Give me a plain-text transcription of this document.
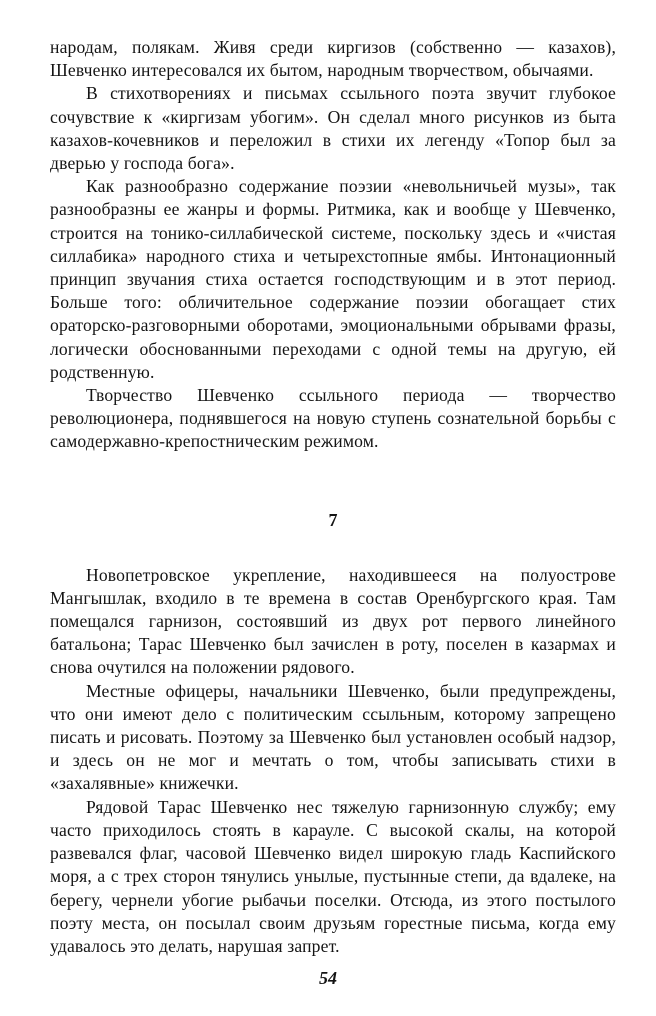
народам, полякам. Живя среди киргизов (собственно — казахов), Шевченко интересовался их бытом, народным творчеством, обычаями.

В стихотворениях и письмах ссыльного поэта звучит глубокое сочувствие к «киргизам убогим». Он сделал много рисунков из быта казахов-кочевников и переложил в стихи их легенду «Топор был за дверью у господа бога».

Как разнообразно содержание поэзии «невольничьей музы», так разнообразны ее жанры и формы. Ритмика, как и вообще у Шевченко, строится на тонико-силлабической системе, поскольку здесь и «чистая силлабика» народного стиха и четырехстопные ямбы. Интонационный принцип звучания стиха остается господствующим и в этот период. Больше того: обличительное содержание поэзии обогащает стих ораторско-разговорными оборотами, эмоциональными обрывами фразы, логически обоснованными переходами с одной темы на другую, ей родственную.

Творчество Шевченко ссыльного периода — творчество революционера, поднявшегося на новую ступень сознательной борьбы с самодержавно-крепостническим режимом.

7

Новопетровское укрепление, находившееся на полуострове Мангышлак, входило в те времена в состав Оренбургского края. Там помещался гарнизон, состоявший из двух рот первого линейного батальона; Тарас Шевченко был зачислен в роту, поселен в казармах и снова очутился на положении рядового.

Местные офицеры, начальники Шевченко, были предупреждены, что они имеют дело с политическим ссыльным, которому запрещено писать и рисовать. Поэтому за Шевченко был установлен особый надзор, и здесь он не мог и мечтать о том, чтобы записывать стихи в «захалявные» книжечки.

Рядовой Тарас Шевченко нес тяжелую гарнизонную службу; ему часто приходилось стоять в карауле. С высокой скалы, на которой развевался флаг, часовой Шевченко видел широкую гладь Каспийского моря, а с трех сторон тянулись унылые, пустынные степи, да вдалеке, на берегу, чернели убогие рыбачьи поселки. Отсюда, из этого постылого поэту места, он посылал своим друзьям горестные письма, когда ему удавалось это делать, нарушая запрет.

54
